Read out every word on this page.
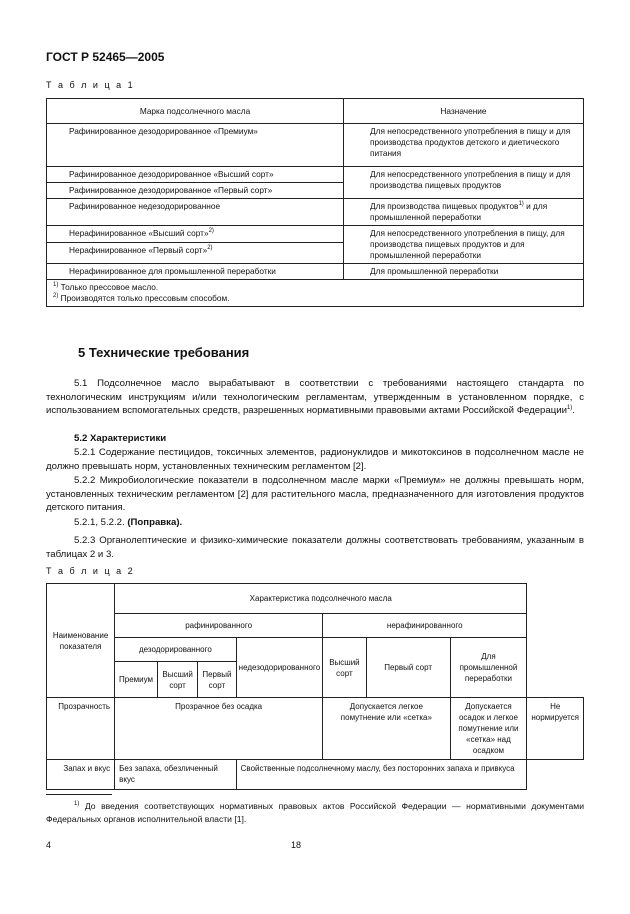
ГОСТ Р 52465—2005
Т а б л и ц а 1
Марка подсолнечного масла	Назначение
Рафинированное дезодорированное «Премиум»	Для непосредственного употребления в пищу и для производства продуктов детского и диетического питания
Рафинированное дезодорированное «Высший сорт»	Для непосредственного употребления в пищу и для производства пищевых продуктов
Рафинированное дезодорированное «Первый сорт»	
Рафинированное недезодорированное	Для производства пищевых продуктов$^{1)}$ и для промышленной переработки
Нерафинированное «Высший сорт»$^{2)}$	Для непосредственного употребления в пищу, для производства пищевых продуктов и для промышленной переработки
Нерафинированное «Первый сорт»$^{2)}$
Нерафинированное для промышленной переработки	Для промышленной переработки

$^{1)}$ Только прессовое масло.
$^{2)}$ Производятся только прессовым способом.	
5 Технические требования

5.1 Подсолнечное масло вырабатывают в соответствии с требованиями настоящего стандарта по технологическим инструкциям и/или технологическим регламентам, утвержденным в установленном порядке, с использованием вспомогательных средств, разрешенных нормативными правовыми актами Российской Федерации$^{1)}$.

5.2 Характеристики

5.2.1 Содержание пестицидов, токсичных элементов, радионуклидов и микотоксинов в подсолнечном масле не должно превышать норм, установленных техническим регламентом [2].

5.2.2 Микробиологические показатели в подсолнечном масле марки «Премиум» не должны превышать норм, установленных техническим регламентом [2] для растительного масла, предназначенного для изготовления продуктов детского питания.

5.2.1, 5.2.2. (Поправка).

5.2.3 Органолептические и физико-химические показатели должны соответствовать требованиям, указанным в таблицах 2 и 3.

Т а б л и ц а 2
Наименование показателя	Характеристика подсолнечного масла							
	рафинированного				нерафинированного			
	дезодорированного			недезодорированного	Высший сорт	Первый сорт	Для промышленной переработки	
	Премиум	Высший сорт	Первый сорт					
Прозрачность	Прозрачное без осадка				Допускается легкое помутнение или «сетка»		Допускается осадок и легкое помутнение или «сетка» над осадком	Не нормируется
Запах и вкус	Без запаха, обезличенный вкус			Свойственные подсолнечному маслу, без посторонних запаха и привкуса				

$^{1)}$ До введения соответствующих нормативных правовых актов Российской Федерации — нормативными документами Федеральных органов исполнительной власти [1].

4	18
